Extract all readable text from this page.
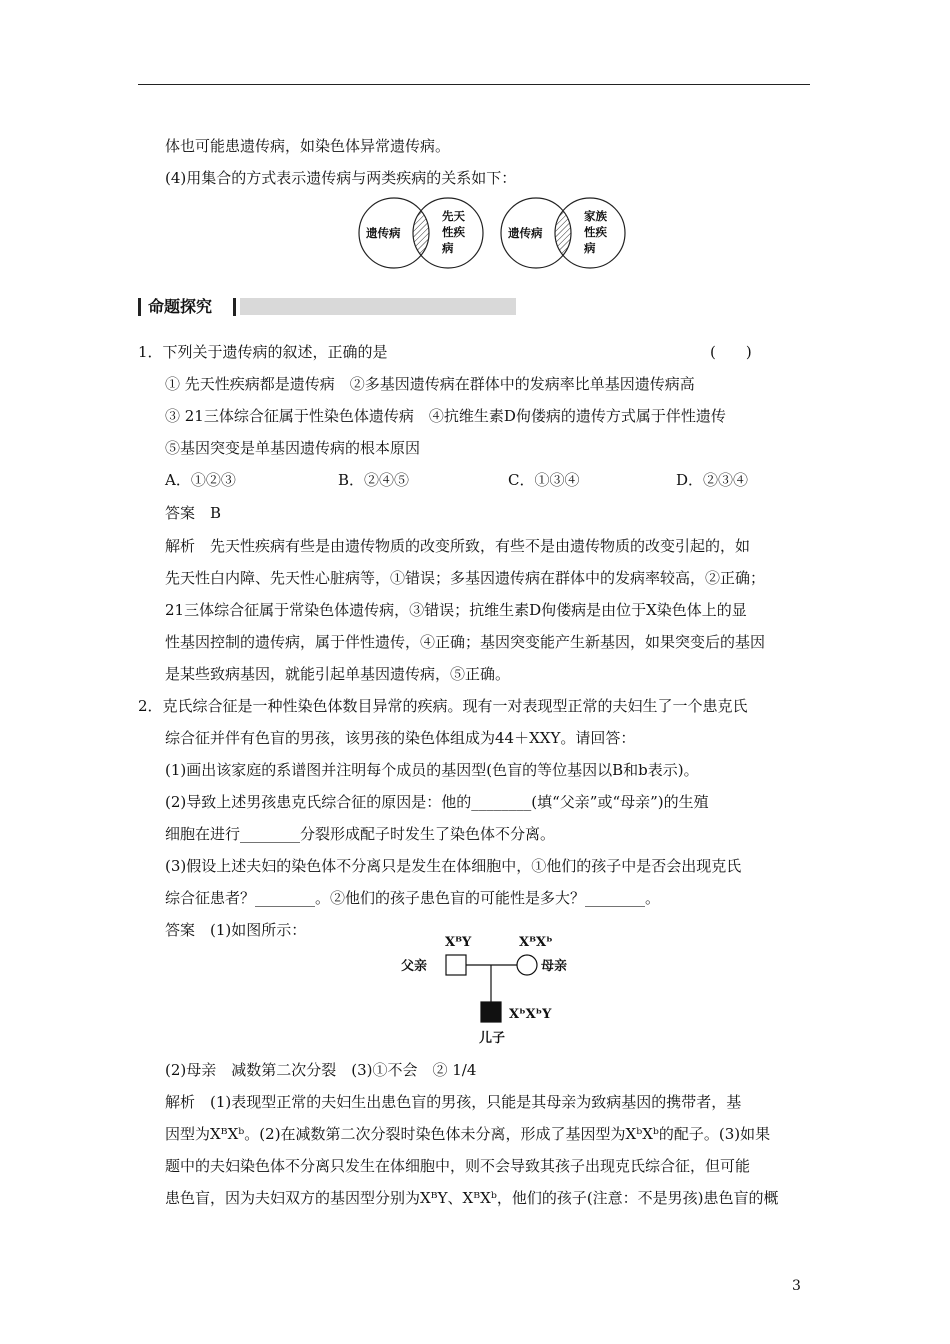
体也可能患遗传病，如染色体异常遗传病。
(4)用集合的方式表示遗传病与两类疾病的关系如下：
遗传病
先天
性疾
病
遗传病
家族
性疾
病
命题探究
1．下列关于遗传病的叙述，正确的是	(　　)
① 先天性疾病都是遗传病　②多基因遗传病在群体中的发病率比单基因遗传病高
③ 21三体综合征属于性染色体遗传病　④抗维生素D佝偻病的遗传方式属于伴性遗传
⑤基因突变是单基因遗传病的根本原因
A．①②③	B．②④⑤	C．①③④	D．②③④
答案　B
解析　先天性疾病有些是由遗传物质的改变所致，有些不是由遗传物质的改变引起的，如
先天性白内障、先天性心脏病等，①错误；多基因遗传病在群体中的发病率较高，②正确；
21三体综合征属于常染色体遗传病，③错误；抗维生素D佝偻病是由位于X染色体上的显
性基因控制的遗传病，属于伴性遗传，④正确；基因突变能产生新基因，如果突变后的基因
是某些致病基因，就能引起单基因遗传病，⑤正确。
2．克氏综合征是一种性染色体数目异常的疾病。现有一对表现型正常的夫妇生了一个患克氏
综合征并伴有色盲的男孩，该男孩的染色体组成为44＋XXY。请回答：
(1)画出该家庭的系谱图并注明每个成员的基因型(色盲的等位基因以B和b表示)。
(2)导致上述男孩患克氏综合征的原因是：他的________(填“父亲”或“母亲”)的生殖
细胞在进行________分裂形成配子时发生了染色体不分离。
(3)假设上述夫妇的染色体不分离只是发生在体细胞中，①他们的孩子中是否会出现克氏
综合征患者？________。②他们的孩子患色盲的可能性是多大？________。
答案　(1)如图所示：
XᴮY	XᴮXᵇ
父亲	母亲
XᵇXᵇY
儿子
(2)母亲　减数第二次分裂　(3)①不会　② 1/4
解析　(1)表现型正常的夫妇生出患色盲的男孩，只能是其母亲为致病基因的携带者，基
因型为XᴮXᵇ。(2)在减数第二次分裂时染色体未分离，形成了基因型为XᵇXᵇ的配子。(3)如果
题中的夫妇染色体不分离只发生在体细胞中，则不会导致其孩子出现克氏综合征，但可能
患色盲，因为夫妇双方的基因型分别为XᴮY、XᴮXᵇ，他们的孩子(注意：不是男孩)患色盲的概
3
